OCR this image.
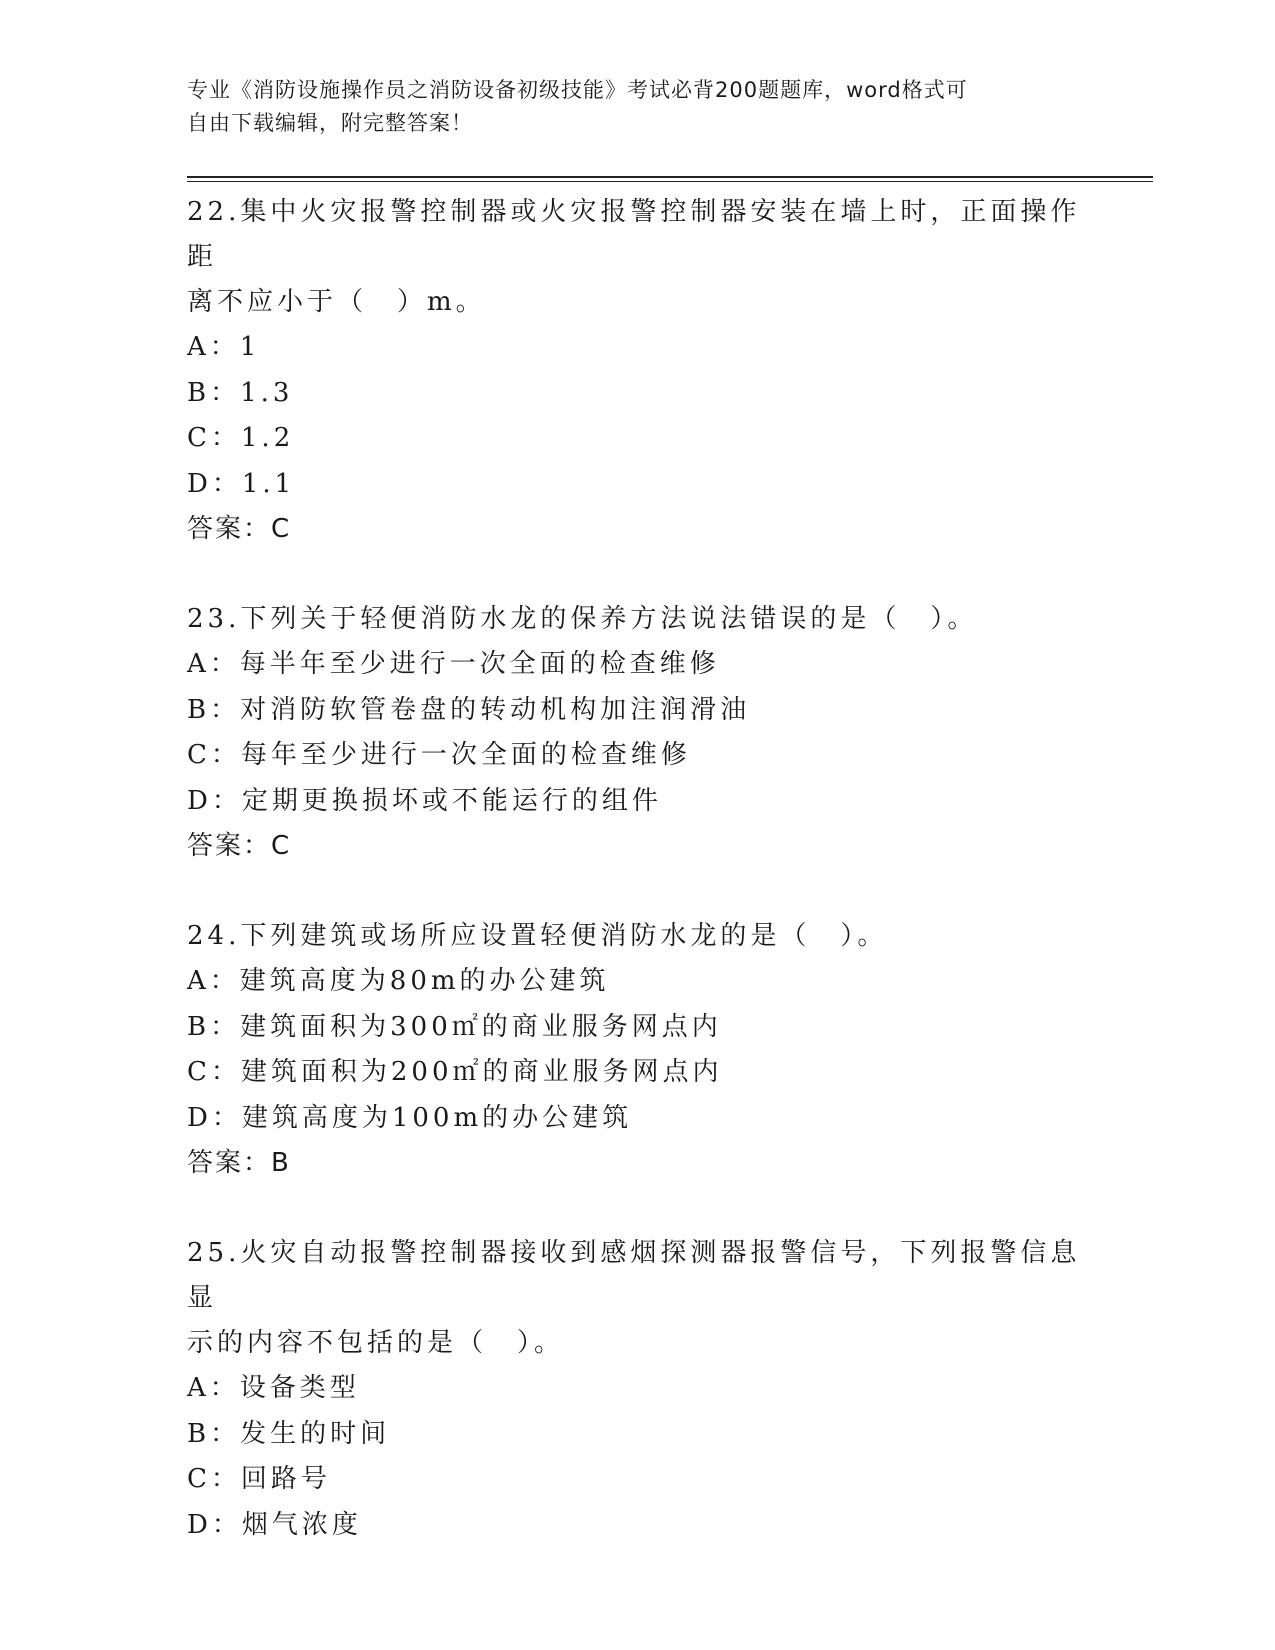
专业《消防设施操作员之消防设备初级技能》考试必背200题题库，word格式可
自由下载编辑，附完整答案！

22.集中火灾报警控制器或火灾报警控制器安装在墙上时，正面操作距

离不应小于（　）m。

A：1

B：1.3

C：1.2

D：1.1

答案：C

23.下列关于轻便消防水龙的保养方法说法错误的是（　）。

A：每半年至少进行一次全面的检查维修

B：对消防软管卷盘的转动机构加注润滑油

C：每年至少进行一次全面的检查维修

D：定期更换损坏或不能运行的组件

答案：C

24.下列建筑或场所应设置轻便消防水龙的是（　）。

A：建筑高度为80m的办公建筑

B：建筑面积为300㎡的商业服务网点内

C：建筑面积为200㎡的商业服务网点内

D：建筑高度为100m的办公建筑

答案：B

25.火灾自动报警控制器接收到感烟探测器报警信号，下列报警信息显

示的内容不包括的是（　）。

A：设备类型

B：发生的时间

C：回路号

D：烟气浓度
